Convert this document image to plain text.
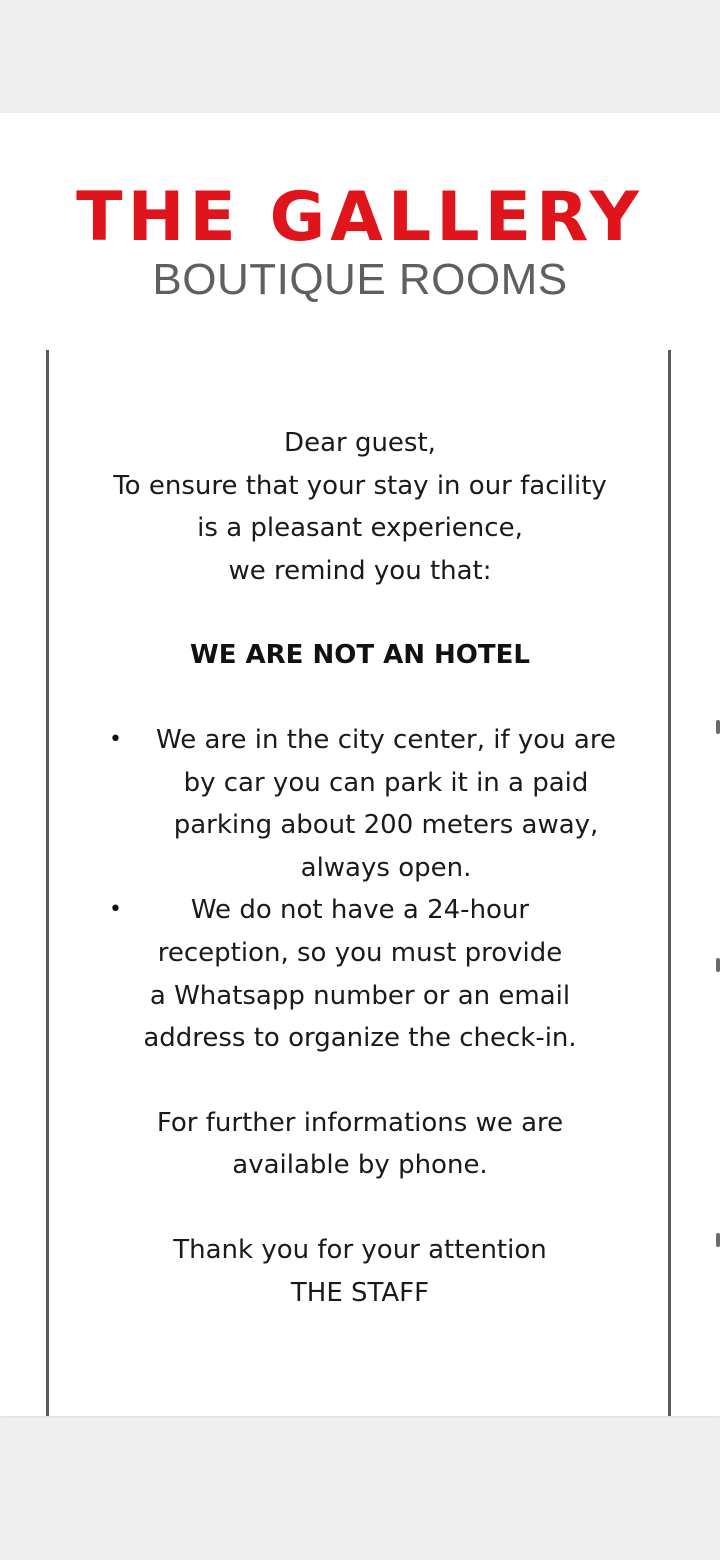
THE GALLERY
BOUTIQUE ROOMS

Dear guest,

To ensure that your stay in our facility

is a pleasant experience,

we remind you that:

WE ARE NOT AN HOTEL

•	We are in the city center, if you are

by car you can park it in a paid

parking about 200 meters away,

always open.

•	We do not have a 24-hour

reception, so you must provide

a Whatsapp number or an email

address to organize the check-in.

For further informations we are

available by phone.

Thank you for your attention

THE STAFF
